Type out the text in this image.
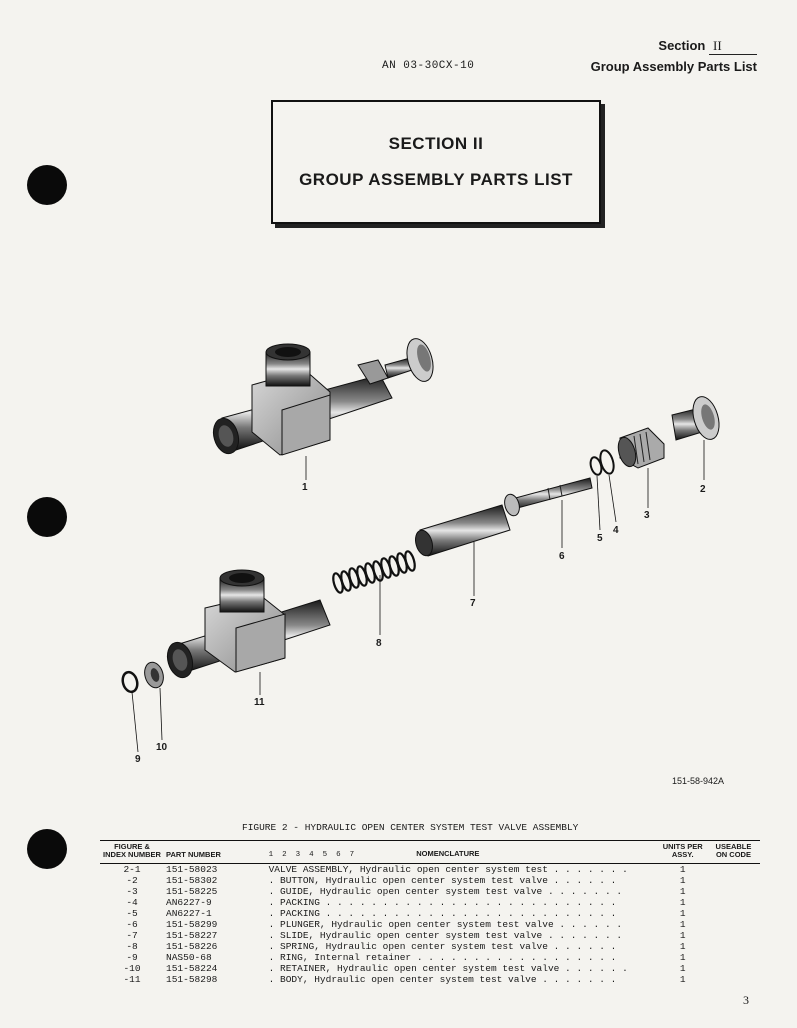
AN 03-30CX-10
Section II
Group Assembly Parts List
SECTION II
GROUP ASSEMBLY PARTS LIST
1	2
3
4
5
6
7
8
9
10
11
151-58-942A
FIGURE 2 - HYDRAULIC OPEN CENTER SYSTEM TEST VALVE ASSEMBLY
FIGURE & INDEX NUMBER	PART NUMBER	1  2  3  4  5  6  7 NOMENCLATURE	UNITS PER ASSY.	USEABLE ON CODE
2-1	151-58023	VALVE ASSEMBLY, Hydraulic open center system test . . . . . . .	1	
-2	151-58302	. BUTTON, Hydraulic open center system test valve . . . . . .	1	
-3	151-58225	. GUIDE, Hydraulic open center system test valve . . . . . . .	1	
-4	AN6227-9	. PACKING . . . . . . . . . . . . . . . . . . . . . . . . . .	1	
-5	AN6227-1	. PACKING . . . . . . . . . . . . . . . . . . . . . . . . . .	1	
-6	151-58299	. PLUNGER, Hydraulic open center system test valve . . . . . .	1	
-7	151-58227	. SLIDE, Hydraulic open center system test valve . . . . . . .	1	
-8	151-58226	. SPRING, Hydraulic open center system test valve . . . . . .	1	
-9	NAS50-68	. RING, Internal retainer . . . . . . . . . . . . . . . . . .	1	
-10	151-58224	. RETAINER, Hydraulic open center system test valve . . . . . .	1	
-11	151-58298	. BODY, Hydraulic open center system test valve . . . . . . .	1	
3
